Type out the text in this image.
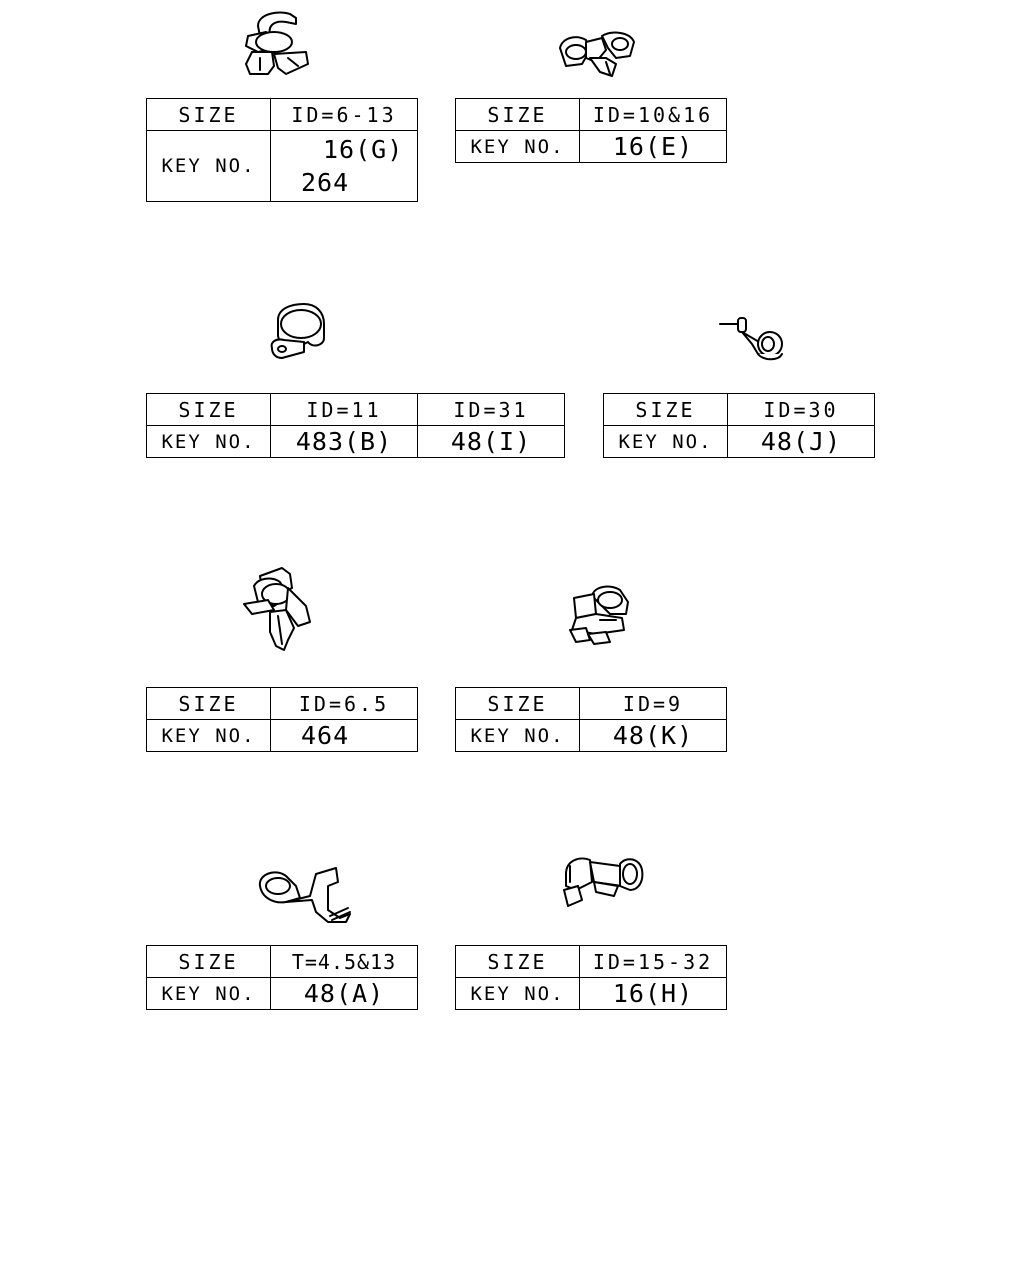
SIZE	ID=6-13
KEY NO.	16(G)
264
SIZE	ID=10&16
KEY NO.	16(E)
SIZE	ID=11	ID=31
KEY NO.	483(B)	48(I)
SIZE	ID=30
KEY NO.	48(J)
SIZE	ID=6.5
KEY NO.	464
SIZE	ID=9
KEY NO.	48(K)
SIZE	T=4.5&13
KEY NO.	48(A)
SIZE	ID=15-32
KEY NO.	16(H)
